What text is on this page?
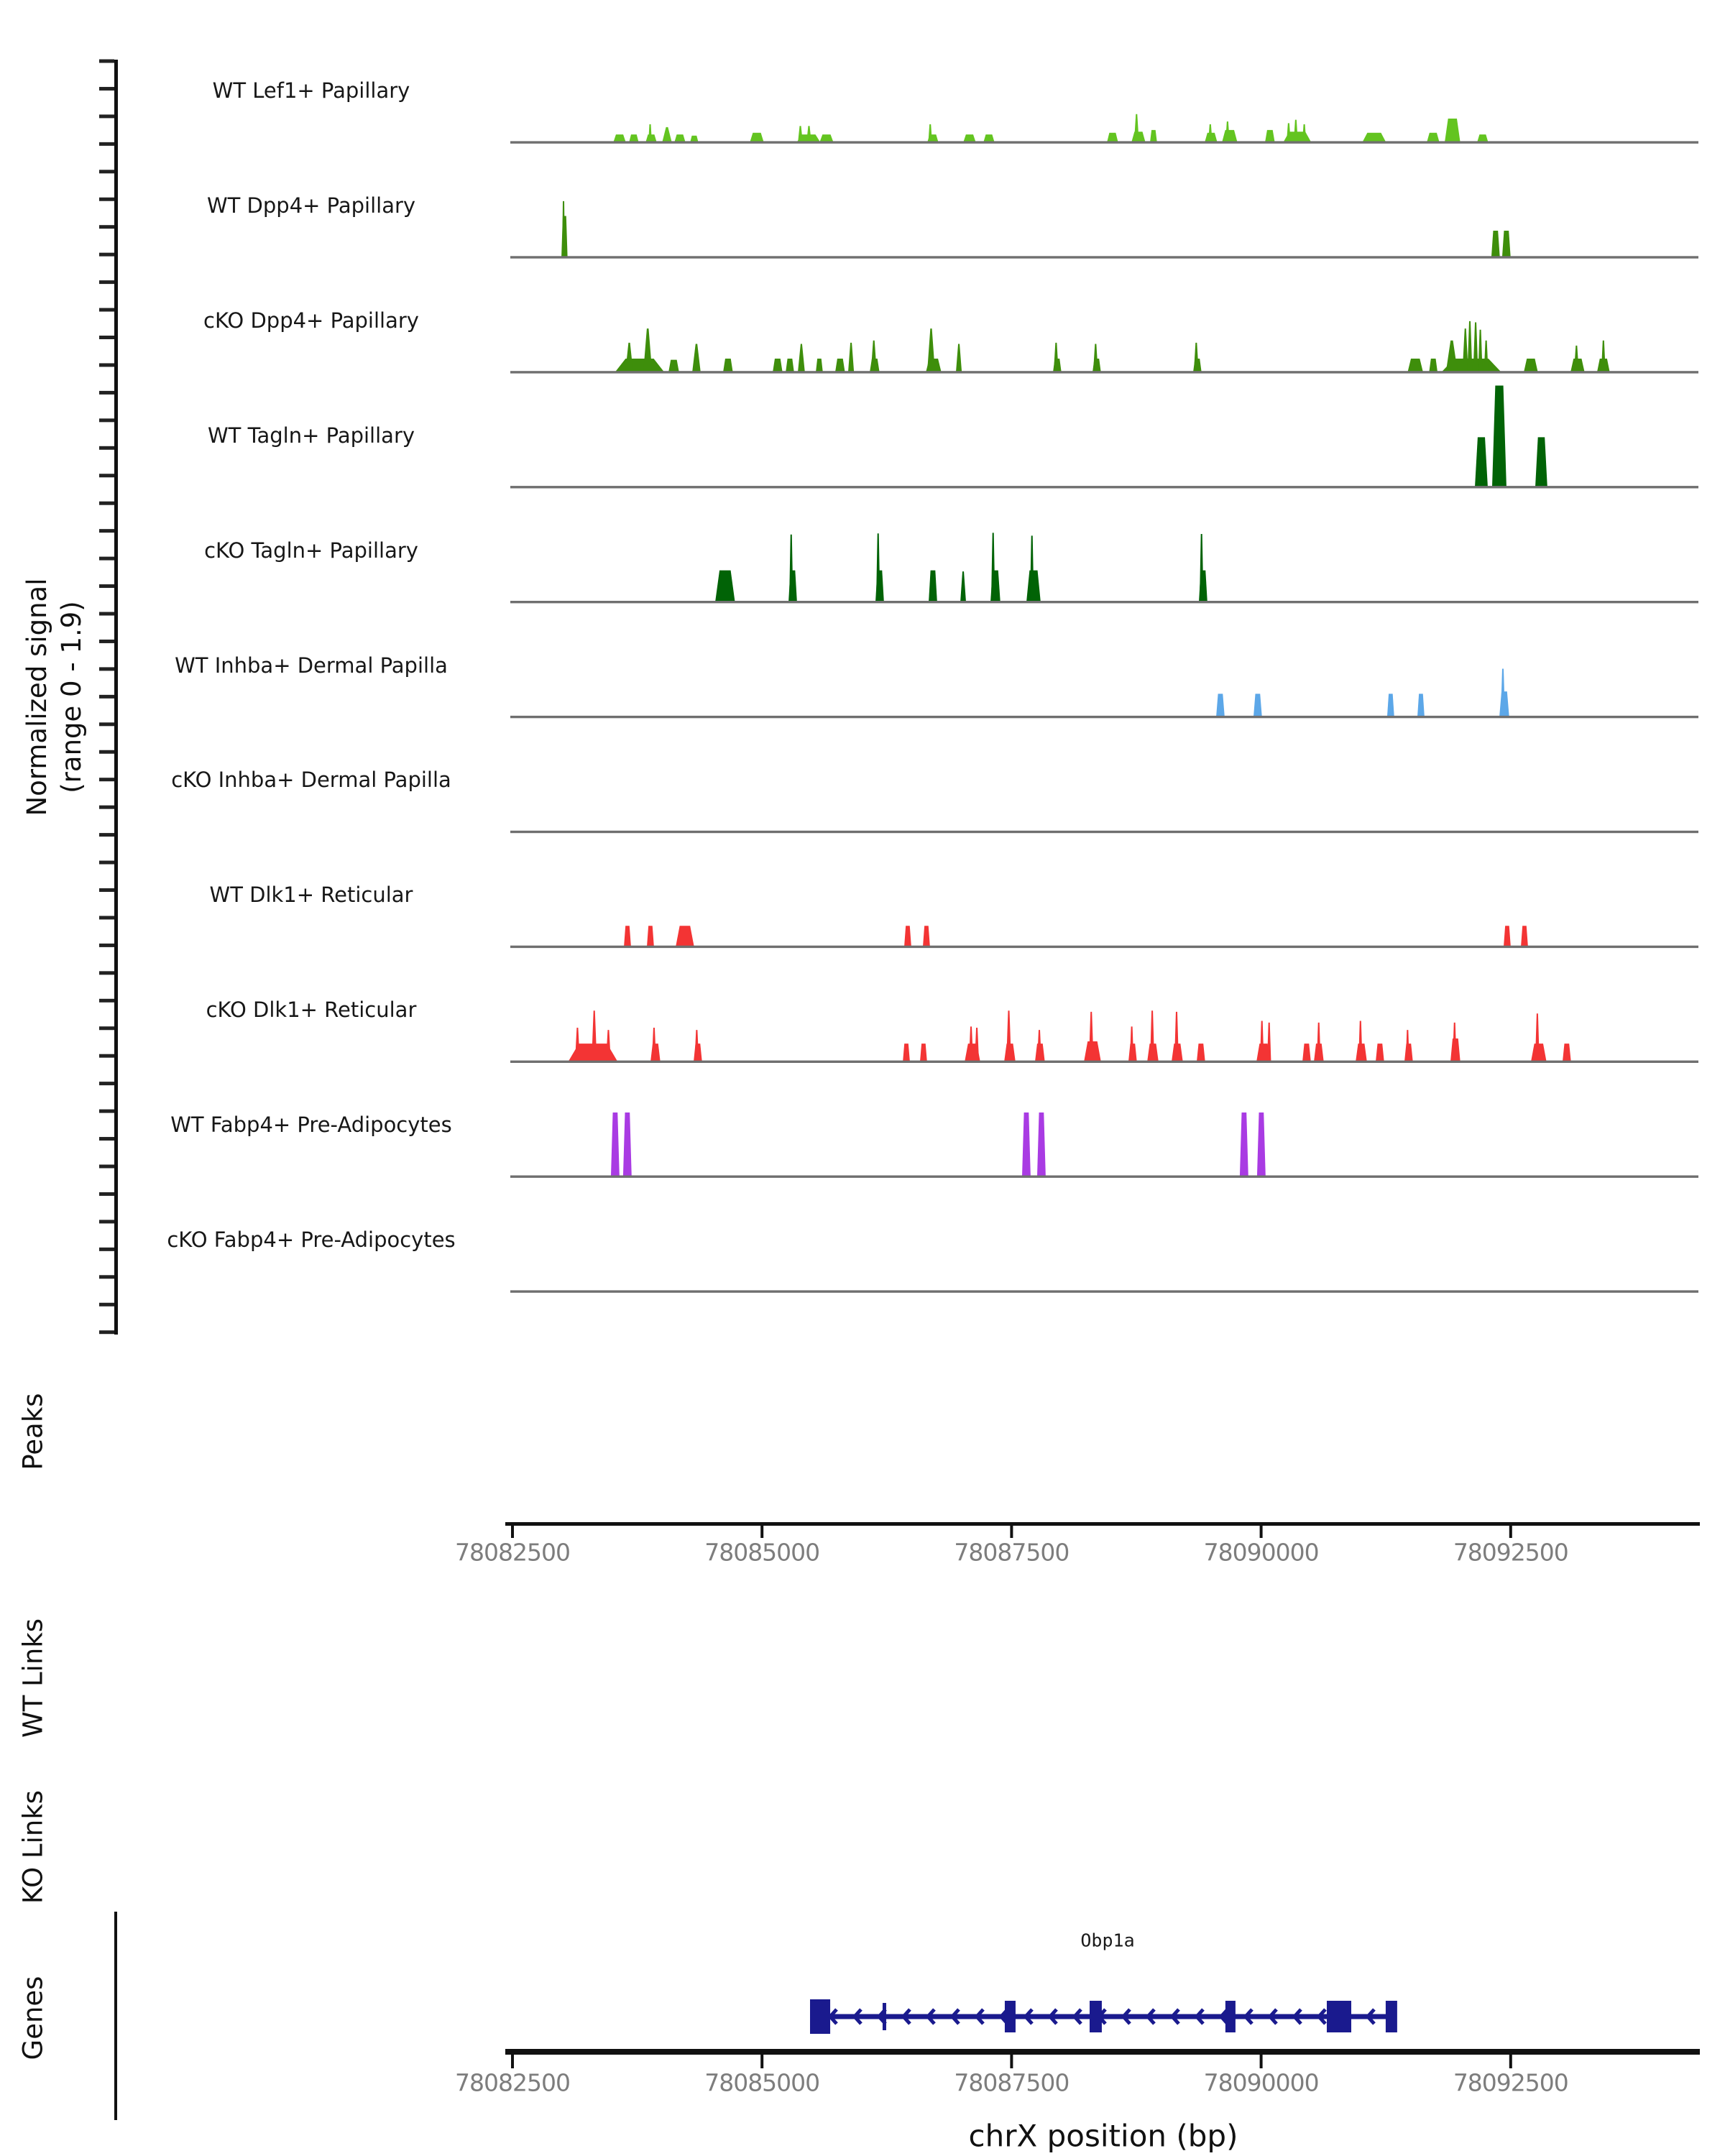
Normalized signal (range 0 - 1.9)
Peaks
WT Links
KO Links
Genes
Obp1a
chrX position (bp)
WT Lef1+ Papillary
WT Dpp4+ Papillary
cKO Dpp4+ Papillary
WT Tagln+ Papillary
cKO Tagln+ Papillary
WT Inhba+ Dermal Papilla
cKO Inhba+ Dermal Papilla
WT Dlk1+ Reticular
cKO Dlk1+ Reticular
WT Fabp4+ Pre-Adipocytes
cKO Fabp4+ Pre-Adipocytes
78082500	78085000	78087500	78090000	78092500
78082500	78085000	78087500	78090000	78092500
